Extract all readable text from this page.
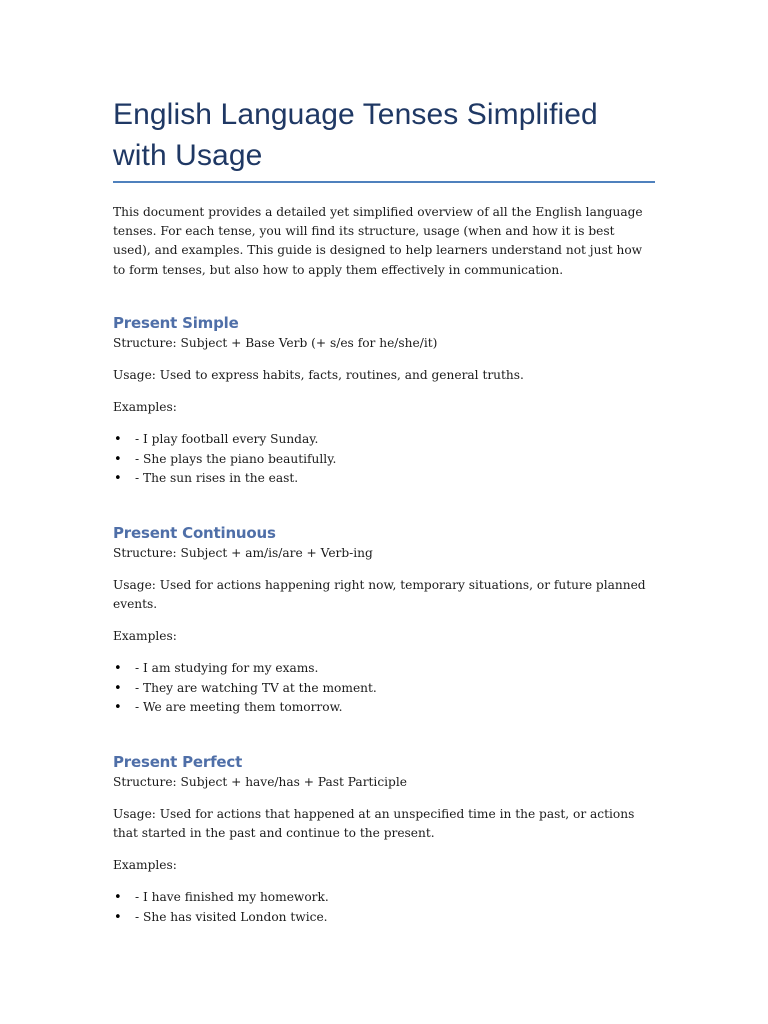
English Language Tenses Simplified with Usage

This document provides a detailed yet simplified overview of all the English language tenses. For each tense, you will find its structure, usage (when and how it is best used), and examples. This guide is designed to help learners understand not just how to form tenses, but also how to apply them effectively in communication.

Present Simple

Structure: Subject + Base Verb (+ s/es for he/she/it)

Usage: Used to express habits, facts, routines, and general truths.

Examples:

• - I play football every Sunday.
• - She plays the piano beautifully.
• - The sun rises in the east.
Present Continuous

Structure: Subject + am/is/are + Verb-ing

Usage: Used for actions happening right now, temporary situations, or future planned events.

Examples:

• - I am studying for my exams.
• - They are watching TV at the moment.
• - We are meeting them tomorrow.
Present Perfect

Structure: Subject + have/has + Past Participle

Usage: Used for actions that happened at an unspecified time in the past, or actions that started in the past and continue to the present.

Examples:

• - I have finished my homework.
• - She has visited London twice.
